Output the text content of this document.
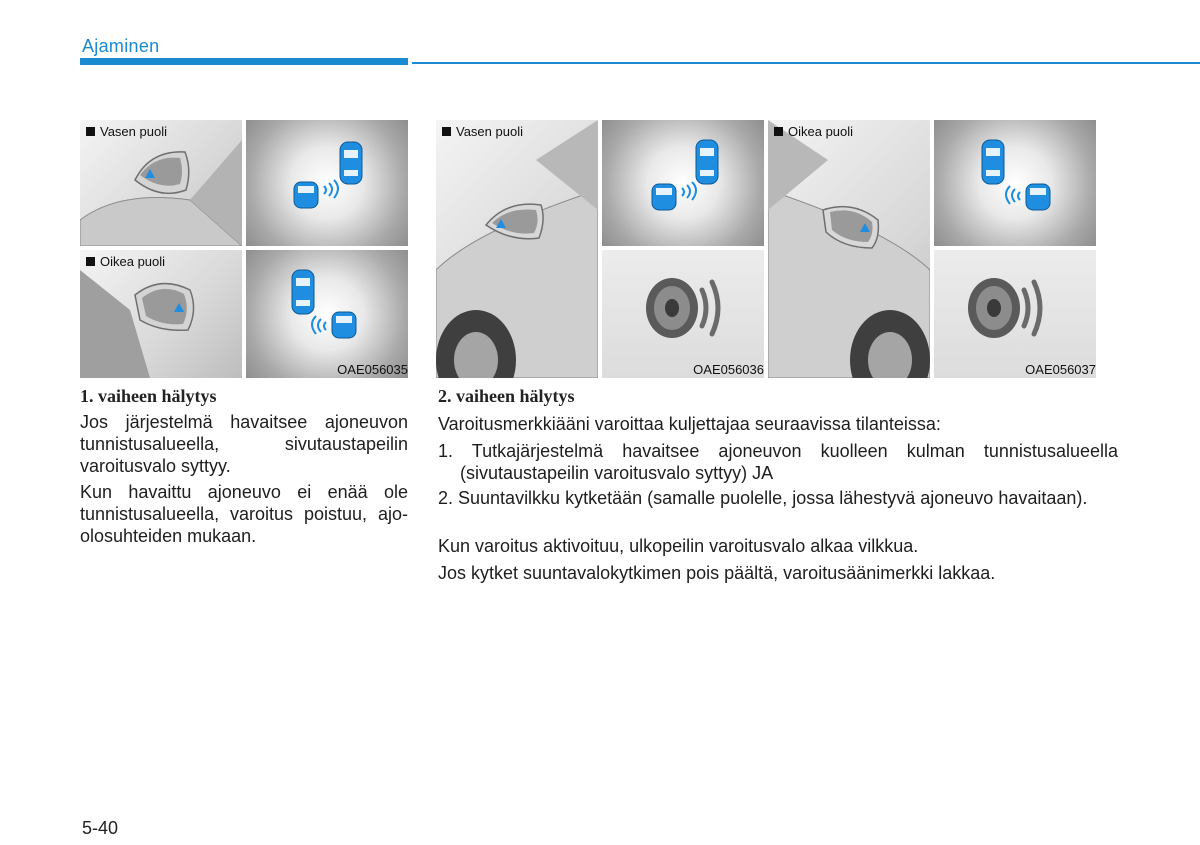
Ajaminen
Vasen puoli
Oikea puoli
OAE056035
Vasen puoli
OAE056036
Oikea puoli
OAE056037
1. vaiheen hälytys
Jos järjestelmä havaitsee ajoneuvon tunnistusalueella, sivutaustapeilin varoitusvalo syttyy.
Kun havaittu ajoneuvo ei enää ole tunnistusalueella, varoitus poistuu, ajo-olosuhteiden mukaan.
2. vaiheen hälytys
Varoitusmerkkiääni varoittaa kuljettajaa seuraavissa tilanteissa:
1. Tutkajärjestelmä havaitsee ajoneuvon kuolleen kulman tunnistusalueella (sivutaustapeilin varoitusvalo syttyy) JA
2. Suuntavilkku kytketään (samalle puolelle, jossa lähestyvä ajoneuvo havaitaan).
Kun varoitus aktivoituu, ulkopeilin varoitusvalo alkaa vilkkua.
Jos kytket suuntavalokytkimen pois päältä, varoitusäänimerkki lakkaa.
5-40
